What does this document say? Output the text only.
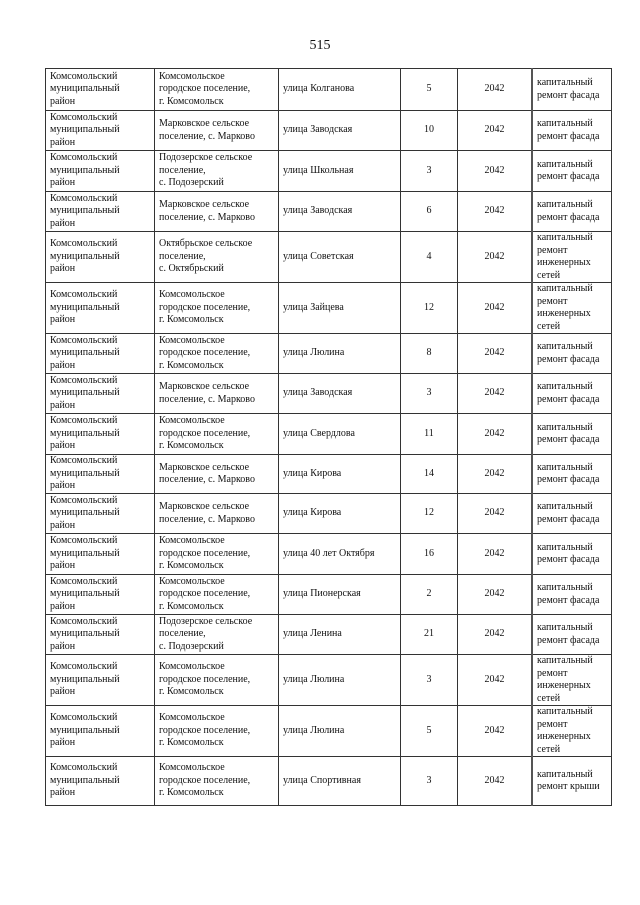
515
Комсомольский
муниципальный
район	Комсомольское
городское поселение,
г. Комсомольск	улица Колганова	5	2042	капитальный
ремонт фасада

Комсомольский
муниципальный
район	Марковское сельское
поселение, с. Марково	улица Заводская	10	2042	капитальный
ремонт фасада

Комсомольский
муниципальный
район	Подозерское сельское
поселение,
с. Подозерский	улица Школьная	3	2042	капитальный
ремонт фасада

Комсомольский
муниципальный
район	Марковское сельское
поселение, с. Марково	улица Заводская	6	2042	капитальный
ремонт фасада

Комсомольский
муниципальный
район	Октябрьское сельское
поселение,
с. Октябрьский	улица Советская	4	2042	капитальный
ремонт
инженерных
сетей

Комсомольский
муниципальный
район	Комсомольское
городское поселение,
г. Комсомольск	улица Зайцева	12	2042	капитальный
ремонт
инженерных
сетей

Комсомольский
муниципальный
район	Комсомольское
городское поселение,
г. Комсомольск	улица Люлина	8	2042	капитальный
ремонт фасада

Комсомольский
муниципальный
район	Марковское сельское
поселение, с. Марково	улица Заводская	3	2042	капитальный
ремонт фасада

Комсомольский
муниципальный
район	Комсомольское
городское поселение,
г. Комсомольск	улица Свердлова	11	2042	капитальный
ремонт фасада

Комсомольский
муниципальный
район	Марковское сельское
поселение, с. Марково	улица Кирова	14	2042	капитальный
ремонт фасада

Комсомольский
муниципальный
район	Марковское сельское
поселение, с. Марково	улица Кирова	12	2042	капитальный
ремонт фасада

Комсомольский
муниципальный
район	Комсомольское
городское поселение,
г. Комсомольск	улица 40 лет Октября	16	2042	капитальный
ремонт фасада

Комсомольский
муниципальный
район	Комсомольское
городское поселение,
г. Комсомольск	улица Пионерская	2	2042	капитальный
ремонт фасада

Комсомольский
муниципальный
район	Подозерское сельское
поселение,
с. Подозерский	улица Ленина	21	2042	капитальный
ремонт фасада

Комсомольский
муниципальный
район	Комсомольское
городское поселение,
г. Комсомольск	улица Люлина	3	2042	капитальный
ремонт
инженерных
сетей

Комсомольский
муниципальный
район	Комсомольское
городское поселение,
г. Комсомольск	улица Люлина	5	2042	капитальный
ремонт
инженерных
сетей

Комсомольский
муниципальный
район	Комсомольское
городское поселение,
г. Комсомольск	улица Спортивная	3	2042	капитальный
ремонт крыши
